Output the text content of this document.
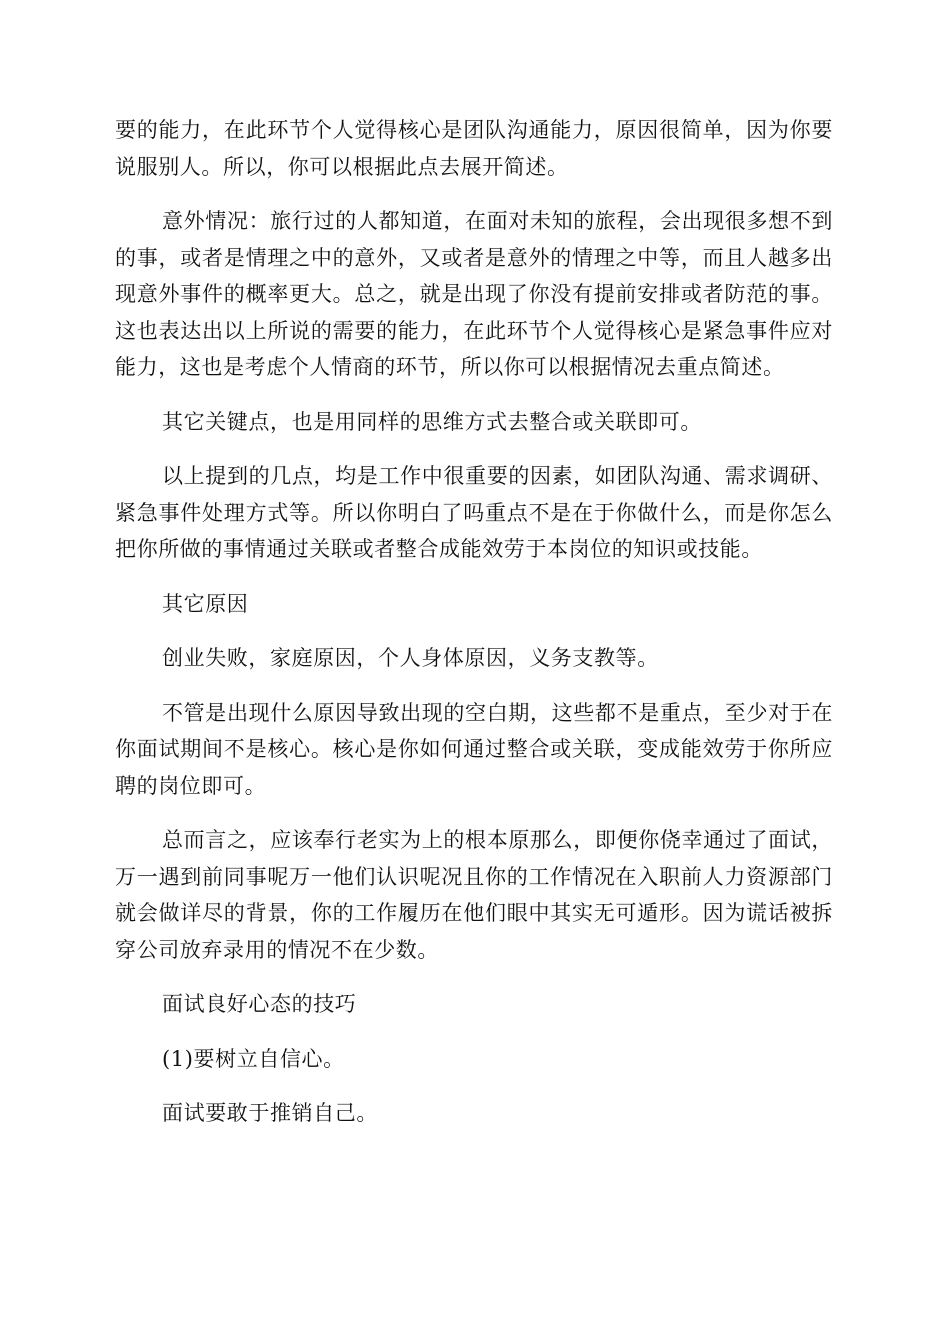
要的能力，在此环节个人觉得核心是团队沟通能力，原因很简单，因为你要说服别人。所以，你可以根据此点去展开简述。

意外情况：旅行过的人都知道，在面对未知的旅程，会出现很多想不到的事，或者是情理之中的意外，又或者是意外的情理之中等，而且人越多出现意外事件的概率更大。总之，就是出现了你没有提前安排或者防范的事。这也表达出以上所说的需要的能力，在此环节个人觉得核心是紧急事件应对能力，这也是考虑个人情商的环节，所以你可以根据情况去重点简述。

其它关键点，也是用同样的思维方式去整合或关联即可。

以上提到的几点，均是工作中很重要的因素，如团队沟通、需求调研、紧急事件处理方式等。所以你明白了吗重点不是在于你做什么，而是你怎么把你所做的事情通过关联或者整合成能效劳于本岗位的知识或技能。

其它原因

创业失败，家庭原因，个人身体原因，义务支教等。

不管是出现什么原因导致出现的空白期，这些都不是重点，至少对于在你面试期间不是核心。核心是你如何通过整合或关联，变成能效劳于你所应聘的岗位即可。

总而言之，应该奉行老实为上的根本原那么，即便你侥幸通过了面试，万一遇到前同事呢万一他们认识呢况且你的工作情况在入职前人力资源部门就会做详尽的背景，你的工作履历在他们眼中其实无可遁形。因为谎话被拆穿公司放弃录用的情况不在少数。

面试良好心态的技巧

(1)要树立自信心。

面试要敢于推销自己。
